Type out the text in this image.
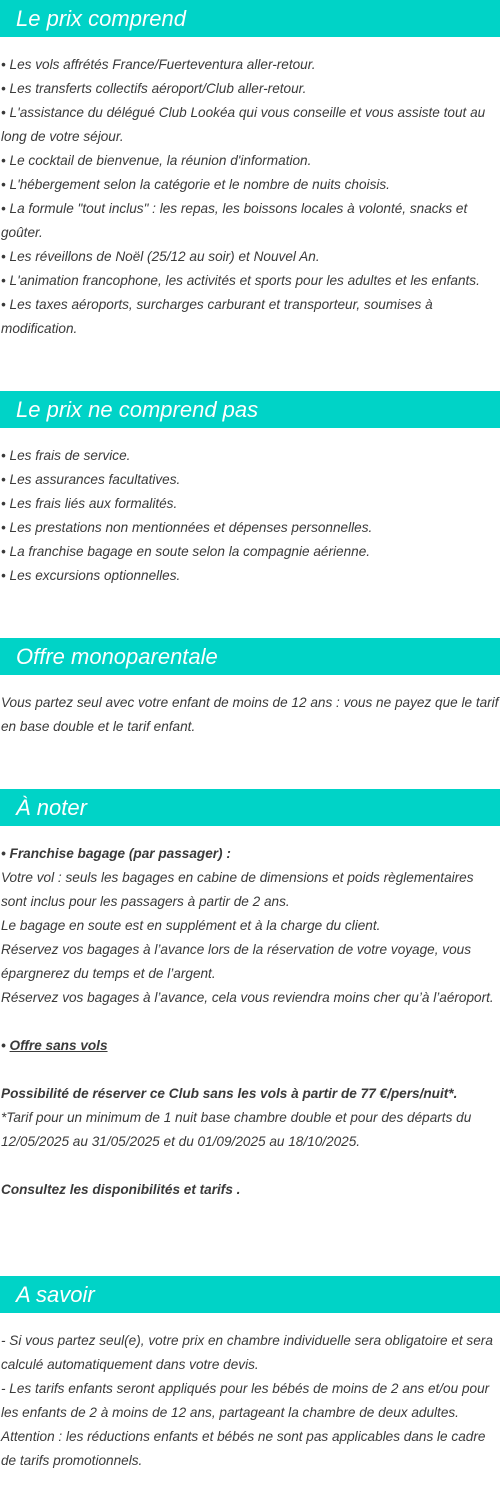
Le prix comprend
• Les vols affrétés France/Fuerteventura aller-retour.
• Les transferts collectifs aéroport/Club aller-retour.
• L'assistance du délégué Club Lookéa qui vous conseille et vous assiste tout au long de votre séjour.
• Le cocktail de bienvenue, la réunion d'information.
• L'hébergement selon la catégorie et le nombre de nuits choisis.
• La formule "tout inclus" : les repas, les boissons locales à volonté, snacks et goûter.
• Les réveillons de Noël (25/12 au soir) et Nouvel An.
• L'animation francophone, les activités et sports pour les adultes et les enfants.
• Les taxes aéroports, surcharges carburant et transporteur, soumises à modification.
Le prix ne comprend pas
• Les frais de service.
• Les assurances facultatives.
• Les frais liés aux formalités.
• Les prestations non mentionnées et dépenses personnelles.
• La franchise bagage en soute selon la compagnie aérienne.
• Les excursions optionnelles.
Offre monoparentale
Vous partez seul avec votre enfant de moins de 12 ans : vous ne payez que le tarif en base double et le tarif enfant.
À noter
• Franchise bagage (par passager) :
Votre vol : seuls les bagages en cabine de dimensions et poids règlementaires sont inclus pour les passagers à partir de 2 ans.
Le bagage en soute est en supplément et à la charge du client.
Réservez vos bagages à l’avance lors de la réservation de votre voyage, vous épargnerez du temps et de l’argent.
Réservez vos bagages à l’avance, cela vous reviendra moins cher qu’à l’aéroport.
• Offre sans vols
Possibilité de réserver ce Club sans les vols à partir de 77 €/pers/nuit*.
*Tarif pour un minimum de 1 nuit base chambre double et pour des départs du 12/05/2025 au 31/05/2025 et du 01/09/2025 au 18/10/2025.
Consultez les disponibilités et tarifs .
A savoir
- Si vous partez seul(e), votre prix en chambre individuelle sera obligatoire et sera calculé automatiquement dans votre devis.
- Les tarifs enfants seront appliqués pour les bébés de moins de 2 ans et/ou pour les enfants de 2 à moins de 12 ans, partageant la chambre de deux adultes.
Attention : les réductions enfants et bébés ne sont pas applicables dans le cadre de tarifs promotionnels.
